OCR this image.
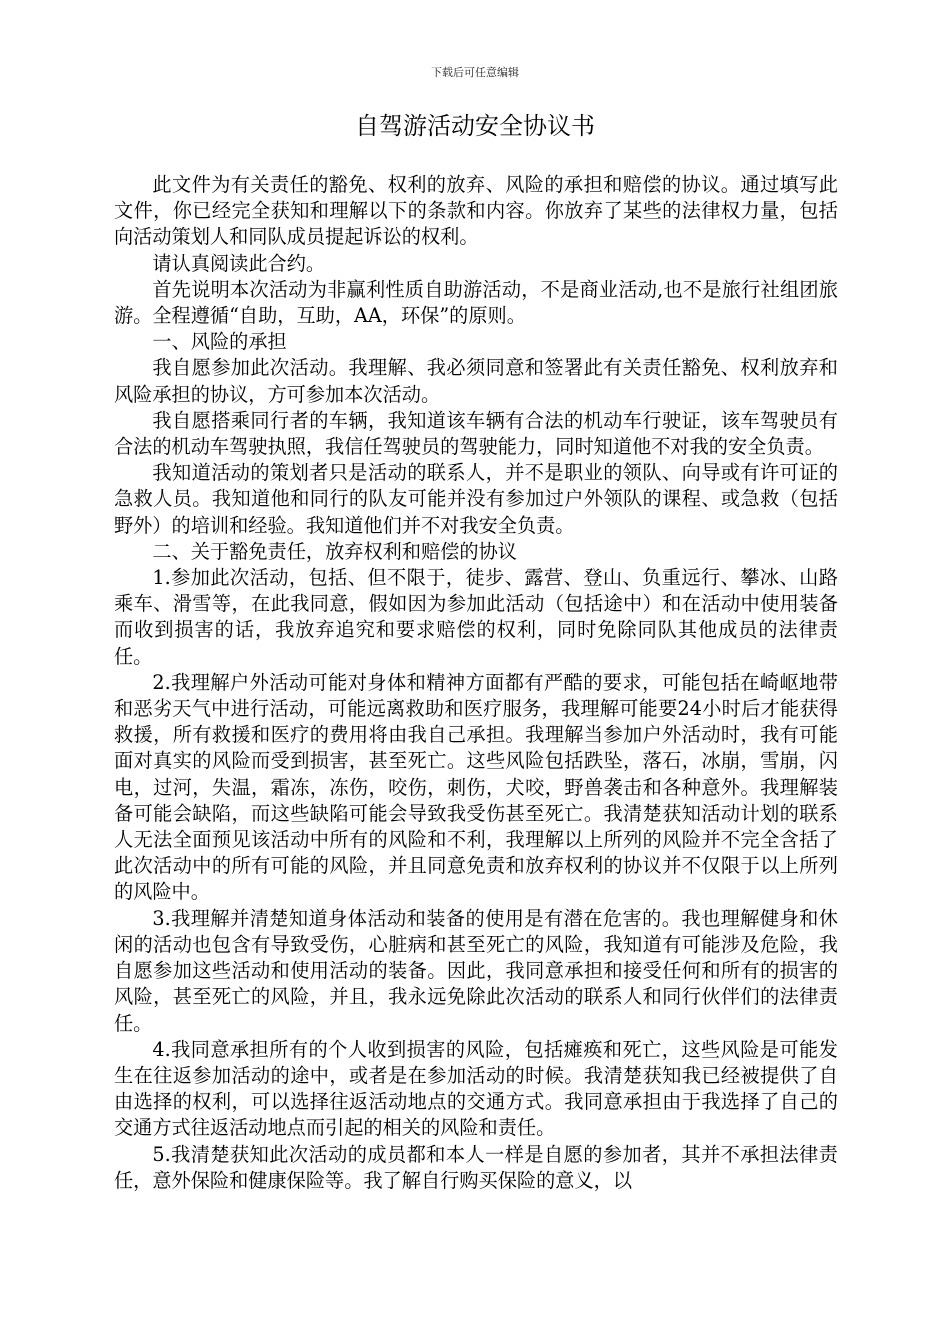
下载后可任意编辑
自驾游活动安全协议书

此文件为有关责任的豁免、权利的放弃、风险的承担和赔偿的协议。通过填写此文件，你已经完全获知和理解以下的条款和内容。你放弃了某些的法律权力量，包括向活动策划人和同队成员提起诉讼的权利。

请认真阅读此合约。

首先说明本次活动为非赢利性质自助游活动，不是商业活动,也不是旅行社组团旅游。全程遵循“自助，互助，AA，环保”的原则。

一、风险的承担

我自愿参加此次活动。我理解、我必须同意和签署此有关责任豁免、权利放弃和风险承担的协议，方可参加本次活动。

我自愿搭乘同行者的车辆，我知道该车辆有合法的机动车行驶证，该车驾驶员有合法的机动车驾驶执照，我信任驾驶员的驾驶能力，同时知道他不对我的安全负责。

我知道活动的策划者只是活动的联系人，并不是职业的领队、向导或有许可证的急救人员。我知道他和同行的队友可能并没有参加过户外领队的课程、或急救（包括野外）的培训和经验。我知道他们并不对我安全负责。

二、关于豁免责任，放弃权利和赔偿的协议

1.参加此次活动，包括、但不限于，徒步、露营、登山、负重远行、攀冰、山路乘车、滑雪等，在此我同意，假如因为参加此活动（包括途中）和在活动中使用装备而收到损害的话，我放弃追究和要求赔偿的权利，同时免除同队其他成员的法律责任。

2.我理解户外活动可能对身体和精神方面都有严酷的要求，可能包括在崎岖地带和恶劣天气中进行活动，可能远离救助和医疗服务，我理解可能要24小时后才能获得救援，所有救援和医疗的费用将由我自己承担。我理解当参加户外活动时，我有可能面对真实的风险而受到损害，甚至死亡。这些风险包括跌坠，落石，冰崩，雪崩，闪电，过河，失温，霜冻，冻伤，咬伤，刺伤，犬咬，野兽袭击和各种意外。我理解装备可能会缺陷，而这些缺陷可能会导致我受伤甚至死亡。我清楚获知活动计划的联系人无法全面预见该活动中所有的风险和不利，我理解以上所列的风险并不完全含括了此次活动中的所有可能的风险，并且同意免责和放弃权利的协议并不仅限于以上所列的风险中。

3.我理解并清楚知道身体活动和装备的使用是有潜在危害的。我也理解健身和休闲的活动也包含有导致受伤，心脏病和甚至死亡的风险，我知道有可能涉及危险，我自愿参加这些活动和使用活动的装备。因此，我同意承担和接受任何和所有的损害的风险，甚至死亡的风险，并且，我永远免除此次活动的联系人和同行伙伴们的法律责任。

4.我同意承担所有的个人收到损害的风险，包括瘫痪和死亡，这些风险是可能发生在往返参加活动的途中，或者是在参加活动的时候。我清楚获知我已经被提供了自由选择的权利，可以选择往返活动地点的交通方式。我同意承担由于我选择了自己的交通方式往返活动地点而引起的相关的风险和责任。

5.我清楚获知此次活动的成员都和本人一样是自愿的参加者，其并不承担法律责任，意外保险和健康保险等。我了解自行购买保险的意义，以
